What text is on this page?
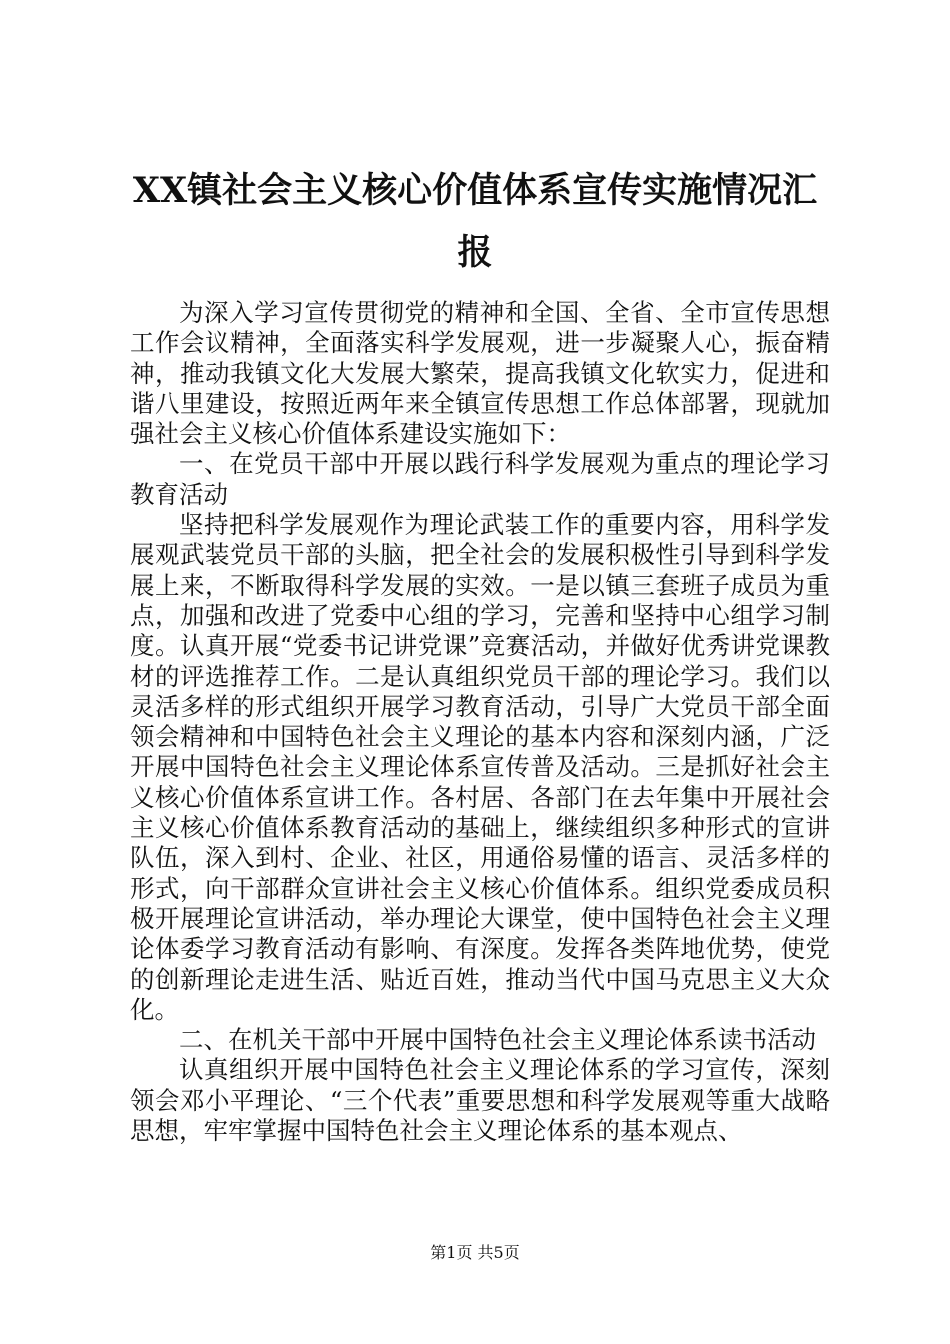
XX镇社会主义核心价值体系宣传实施情况汇报

为深入学习宣传贯彻党的精神和全国、全省、全市宣传思想工作会议精神，全面落实科学发展观，进一步凝聚人心，振奋精神，推动我镇文化大发展大繁荣，提高我镇文化软实力，促进和谐八里建设，按照近两年来全镇宣传思想工作总体部署，现就加强社会主义核心价值体系建设实施如下：

一、在党员干部中开展以践行科学发展观为重点的理论学习教育活动

坚持把科学发展观作为理论武装工作的重要内容，用科学发展观武装党员干部的头脑，把全社会的发展积极性引导到科学发展上来，不断取得科学发展的实效。一是以镇三套班子成员为重点，加强和改进了党委中心组的学习，完善和坚持中心组学习制度。认真开展“党委书记讲党课”竞赛活动，并做好优秀讲党课教材的评选推荐工作。二是认真组织党员干部的理论学习。我们以灵活多样的形式组织开展学习教育活动，引导广大党员干部全面领会精神和中国特色社会主义理论的基本内容和深刻内涵，广泛开展中国特色社会主义理论体系宣传普及活动。三是抓好社会主义核心价值体系宣讲工作。各村居、各部门在去年集中开展社会主义核心价值体系教育活动的基础上，继续组织多种形式的宣讲队伍，深入到村、企业、社区，用通俗易懂的语言、灵活多样的形式，向干部群众宣讲社会主义核心价值体系。组织党委成员积极开展理论宣讲活动，举办理论大课堂，使中国特色社会主义理论体委学习教育活动有影响、有深度。发挥各类阵地优势，使党的创新理论走进生活、贴近百姓，推动当代中国马克思主义大众化。

二、在机关干部中开展中国特色社会主义理论体系读书活动

认真组织开展中国特色社会主义理论体系的学习宣传，深刻领会邓小平理论、“三个代表”重要思想和科学发展观等重大战略思想，牢牢掌握中国特色社会主义理论体系的基本观点、

第1页 共5页
